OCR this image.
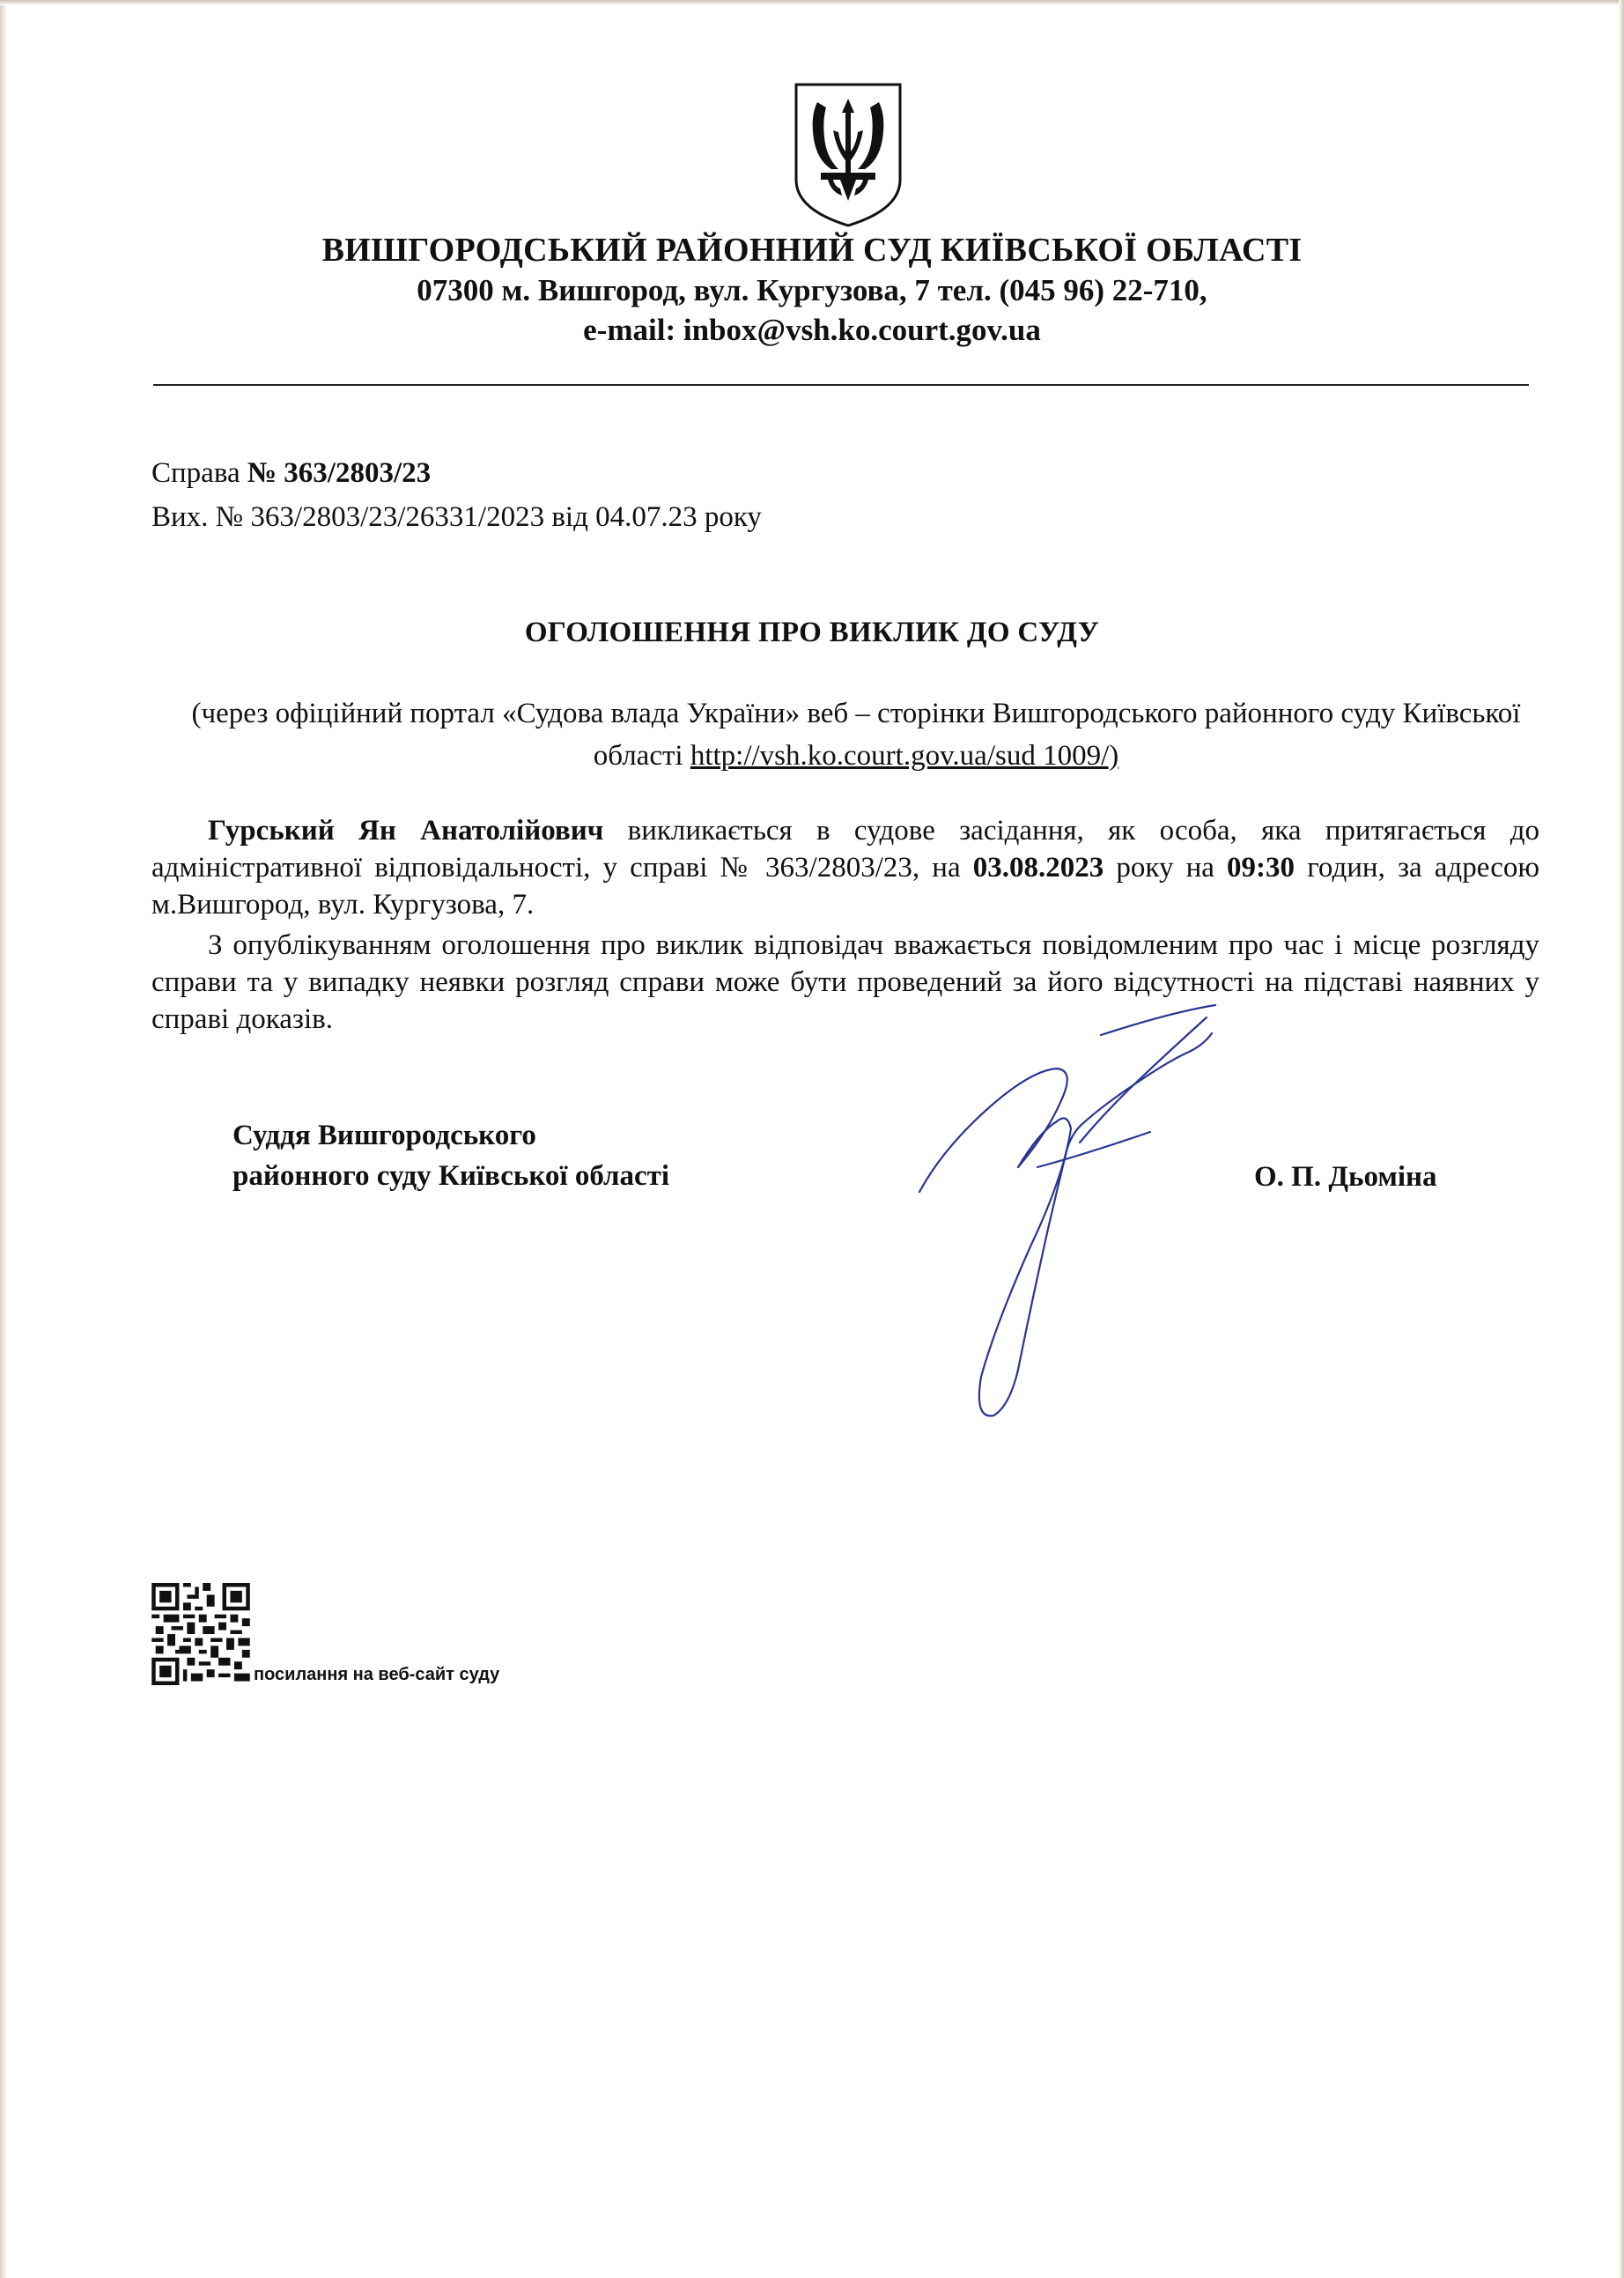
ВИШГОРОДСЬКИЙ РАЙОННИЙ СУД КИЇВСЬКОЇ ОБЛАСТІ
07300 м. Вишгород, вул. Кургузова, 7 тел. (045 96) 22-710,
e-mail: inbox@vsh.ko.court.gov.ua
Справа № 363/2803/23
Вих. № 363/2803/23/26331/2023 від 04.07.23 року
ОГОЛОШЕННЯ ПРО ВИКЛИК ДО СУДУ
(через офіційний портал «Судова влада України» веб – сторінки Вишгородського районного суду Київської області http://vsh.ko.court.gov.ua/sud 1009/)
Гурський Ян Анатолійович викликається в судове засідання, як особа, яка притягається до адміністративної відповідальності, у справі № 363/2803/23, на 03.08.2023 року на 09:30 годин, за адресою м.Вишгород, вул. Кургузова, 7.
З опублікуванням оголошення про виклик відповідач вважається повідомленим про час і місце розгляду справи та у випадку неявки розгляд справи може бути проведений за його відсутності на підставі наявних у справі доказів.
Суддя Вишгородського
районного суду Київської області	О. П. Дьоміна
посилання на веб-сайт суду
